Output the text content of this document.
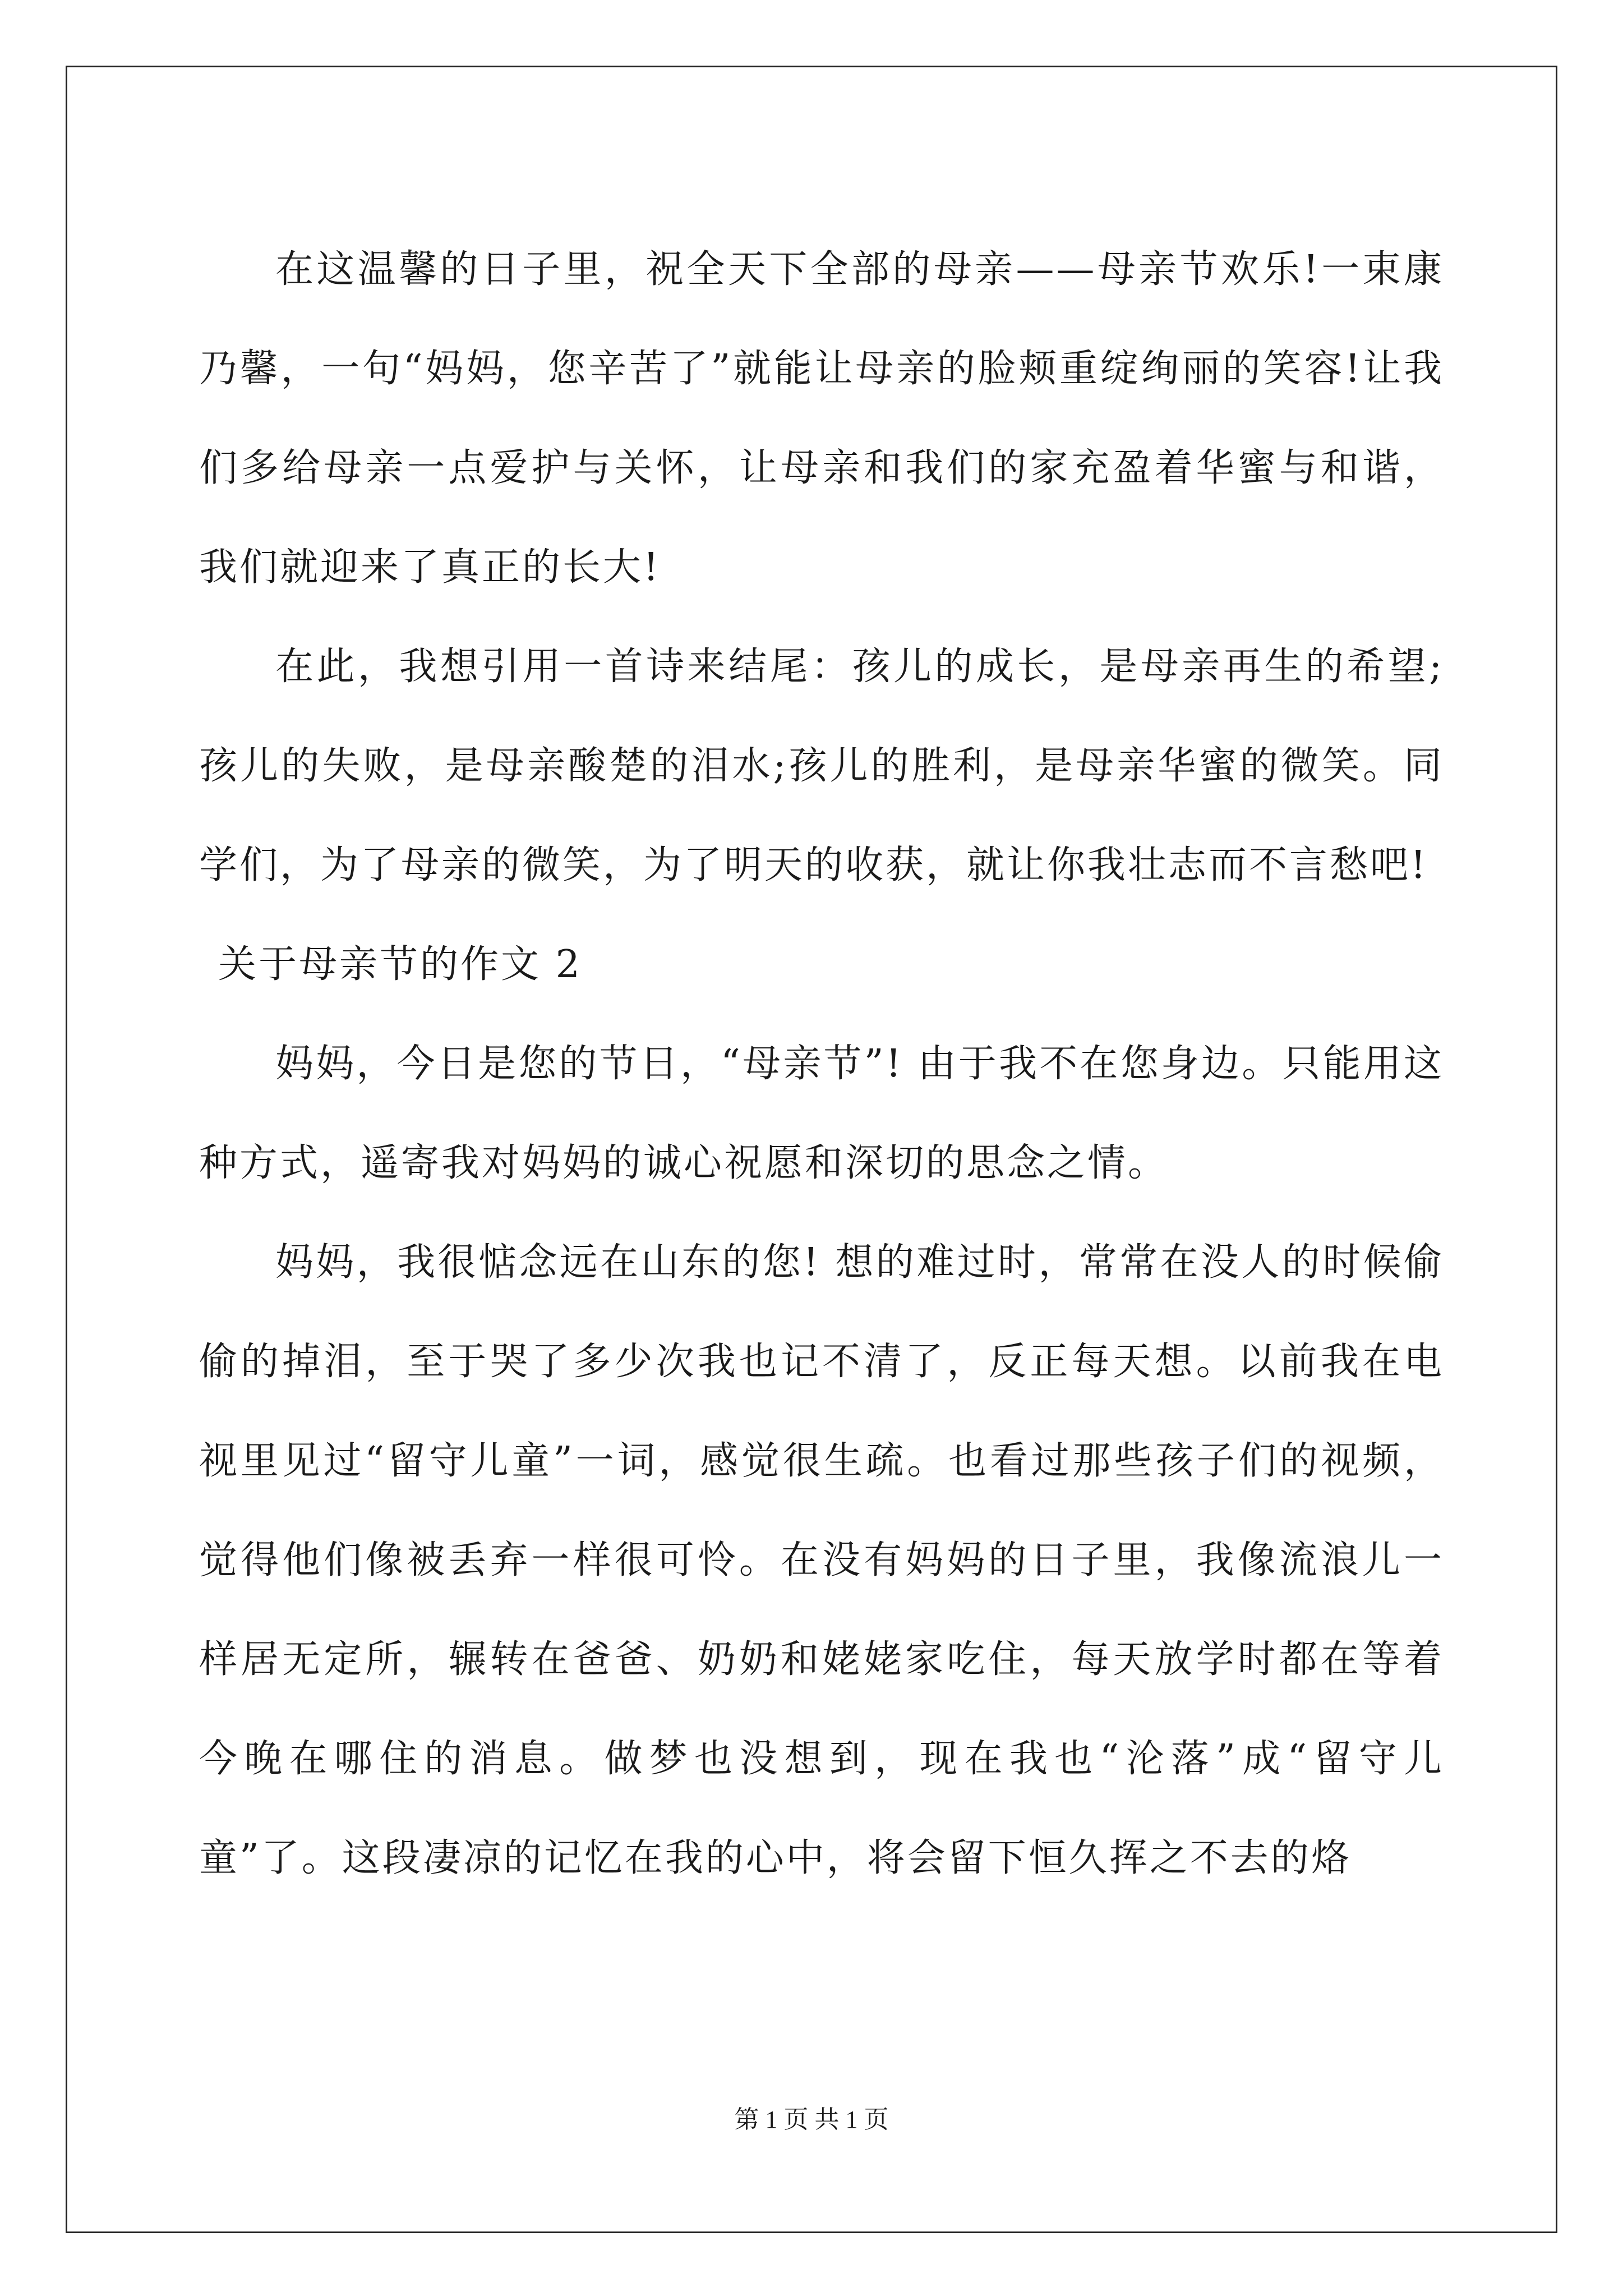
在这温馨的日子里，祝全天下全部的母亲——母亲节欢乐!一束康乃馨，一句“妈妈，您辛苦了”就能让母亲的脸颊重绽绚丽的笑容!让我们多给母亲一点爱护与关怀，让母亲和我们的家充盈着华蜜与和谐，我们就迎来了真正的长大!

在此，我想引用一首诗来结尾：孩儿的成长，是母亲再生的希望;孩儿的失败，是母亲酸楚的泪水;孩儿的胜利，是母亲华蜜的微笑。同学们，为了母亲的微笑，为了明天的收获，就让你我壮志而不言愁吧!

关于母亲节的作文 2

妈妈，今日是您的节日，“母亲节”! 由于我不在您身边。只能用这种方式，遥寄我对妈妈的诚心祝愿和深切的思念之情。

妈妈，我很惦念远在山东的您! 想的难过时，常常在没人的时候偷偷的掉泪，至于哭了多少次我也记不清了，反正每天想。以前我在电视里见过“留守儿童”一词，感觉很生疏。也看过那些孩子们的视频，觉得他们像被丢弃一样很可怜。在没有妈妈的日子里，我像流浪儿一样居无定所，辗转在爸爸、奶奶和姥姥家吃住，每天放学时都在等着今晚在哪住的消息。做梦也没想到，现在我也“沦落”成“留守儿童”了。这段凄凉的记忆在我的心中，将会留下恒久挥之不去的烙

第 1 页 共 1 页
